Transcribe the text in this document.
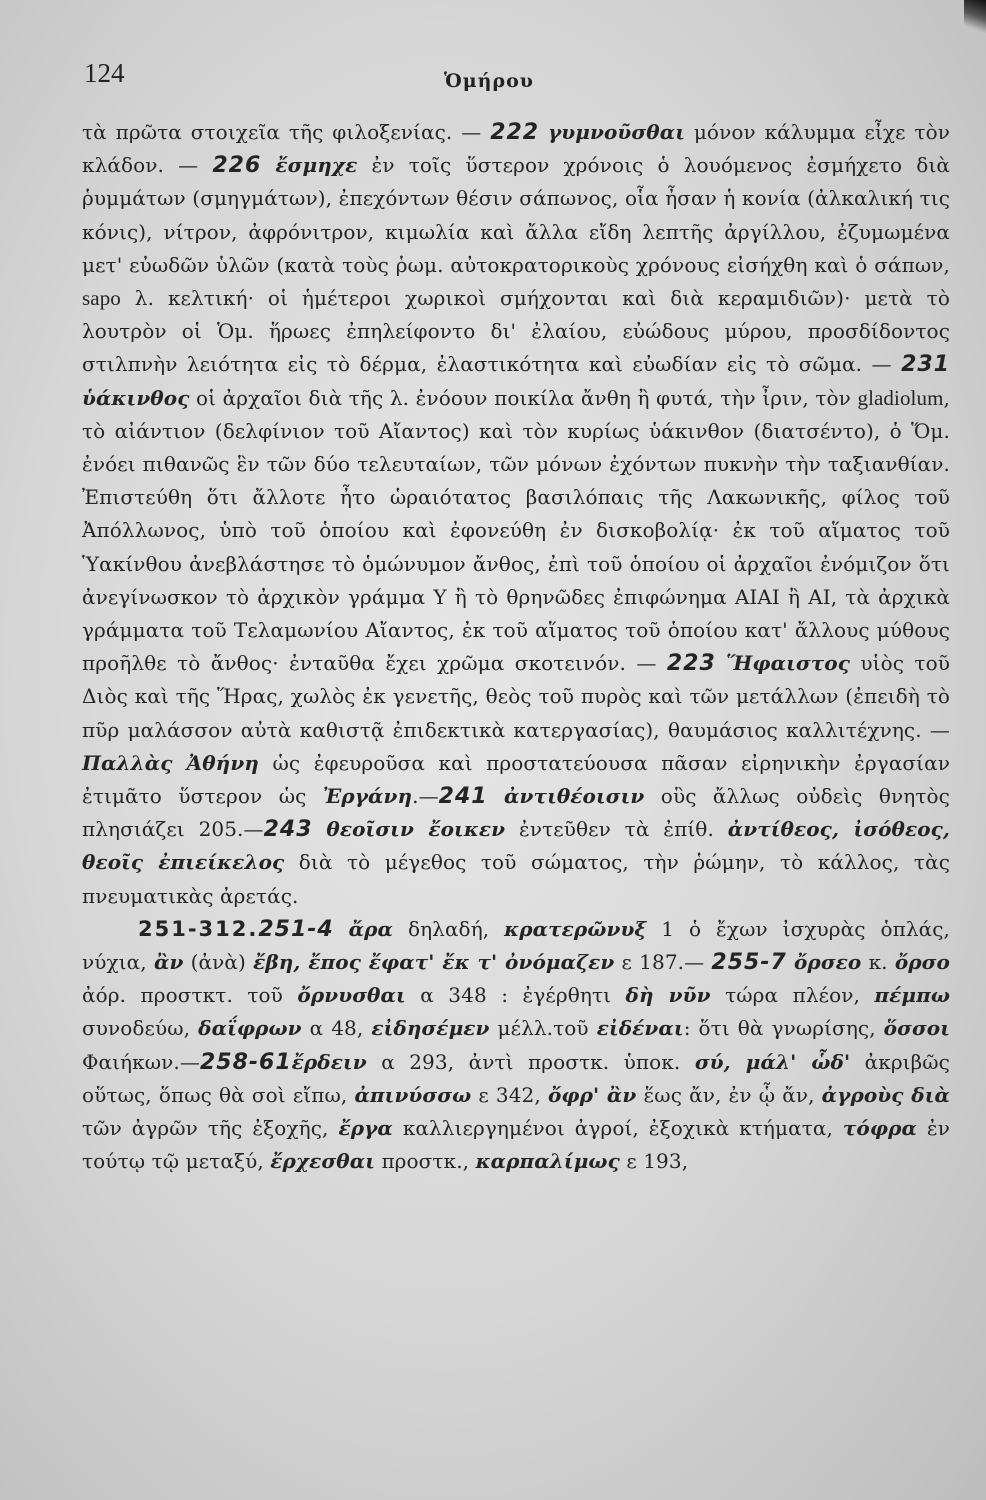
124	Ὁμήρου
τὰ πρῶτα στοιχεῖα τῆς φιλοξενίας. — 222 γυμνοῦσθαι μόνον κάλυμμα εἶχε τὸν κλάδον. — 226 ἔσμηχε ἐν τοῖς ὕστερον χρόνοις ὁ λουόμενος ἐσμήχετο διὰ ῥυμμάτων (σμηγμάτων), ἐπεχόντων θέσιν σάπωνος, οἷα ἦσαν ἡ κονία (ἀλκαλική τις κόνις), νίτρον, ἀφρόνιτρον, κιμωλία καὶ ἄλλα εἴδη λεπτῆς ἀργίλλου, ἐζυμωμένα μετ' εὐωδῶν ὑλῶν (κατὰ τοὺς ῥωμ. αὐτοκρατορικοὺς χρόνους εἰσήχθη καὶ ὁ σάπων, sapo λ. κελτική· οἱ ἡμέτεροι χωρικοὶ σμήχονται καὶ διὰ κεραμιδιῶν)· μετὰ τὸ λουτρὸν οἱ Ὁμ. ἥρωες ἐπηλείφοντο δι' ἐλαίου, εὐώδους μύρου, προσδίδοντος στιλπνὴν λειότητα εἰς τὸ δέρμα, ἐλαστικότητα καὶ εὐωδίαν εἰς τὸ σῶμα. — 231 ὑάκινθος οἱ ἀρχαῖοι διὰ τῆς λ. ἐνόουν ποικίλα ἄνθη ἢ φυτά, τὴν ἶριν, τὸν gladiolum, τὸ αἰάντιον (δελφίνιον τοῦ Αἴαντος) καὶ τὸν κυρίως ὑάκινθον (διατσέντο), ὁ Ὅμ. ἐνόει πιθανῶς ἓν τῶν δύο τελευταίων, τῶν μόνων ἐχόντων πυκνὴν τὴν ταξιανθίαν. Ἐπιστεύθη ὅτι ἄλλοτε ἦτο ὡραιότατος βασιλόπαις τῆς Λακωνικῆς, φίλος τοῦ Ἀπόλλωνος, ὑπὸ τοῦ ὁποίου καὶ ἐφονεύθη ἐν δισκοβολίᾳ· ἐκ τοῦ αἵματος τοῦ Ὑακίνθου ἀνεβλάστησε τὸ ὁμώνυμον ἄνθος, ἐπὶ τοῦ ὁποίου οἱ ἀρχαῖοι ἐνόμιζον ὅτι ἀνεγίνωσκον τὸ ἀρχικὸν γράμμα Υ ἢ τὸ θρηνῶδες ἐπιφώνημα ΑΙΑΙ ἢ ΑΙ, τὰ ἀρχικὰ γράμματα τοῦ Τελαμωνίου Αἴαντος, ἐκ τοῦ αἵματος τοῦ ὁποίου κατ' ἄλλους μύθους προῆλθε τὸ ἄνθος· ἐνταῦθα ἔχει χρῶμα σκοτεινόν. — 223 Ἥφαιστος υἱὸς τοῦ Διὸς καὶ τῆς Ἥρας, χωλὸς ἐκ γενετῆς, θεὸς τοῦ πυρὸς καὶ τῶν μετάλλων (ἐπειδὴ τὸ πῦρ μαλάσσον αὐτὰ καθιστᾷ ἐπιδεκτικὰ κατεργασίας), θαυμάσιος καλλιτέχνης. — Παλλὰς Ἀθήνη ὡς ἐφευροῦσα καὶ προστατεύουσα πᾶσαν εἰρηνικὴν ἐργασίαν ἐτιμᾶτο ὕστερον ὡς Ἐργάνη.—241 ἀντιθέοισιν οὓς ἄλλως οὐδεὶς θνητὸς πλησιάζει 205.—243 θεοῖσιν ἔοικεν ἐντεῦθεν τὰ ἐπίθ. ἀντίθεος, ἰσόθεος, θεοῖς ἐπιείκελος διὰ τὸ μέγεθος τοῦ σώματος, τὴν ῥώμην, τὸ κάλλος, τὰς πνευματικὰς ἀρετάς.
251-312.251-4 ἄρα δηλαδή, κρατερῶνυξ 1 ὁ ἔχων ἰσχυρὰς ὁπλάς, νύχια, ἂν (ἀνὰ) ἔβη, ἔπος ἔφατ' ἔκ τ' ὀνόμαζεν ε 187.— 255-7 ὄρσεο κ. ὄρσο ἀόρ. προστκτ. τοῦ ὄρνυσθαι α 348 : ἐγέρθητι δὴ νῦν τώρα πλέον, πέμπω συνοδεύω, δαΐφρων α 48, εἰδησέμεν μέλλ.τοῦ εἰδέναι: ὅτι θὰ γνωρίσης, ὅσσοι Φαιήκων.—258-61ἔρδειν α 293, ἀντὶ προστκ. ὑποκ. σύ, μάλ' ὧδ' ἀκριβῶς οὕτως, ὅπως θὰ σοὶ εἴπω, ἀπινύσσω ε 342, ὄφρ' ἂν ἕως ἄν, ἐν ᾧ ἄν, ἀγροὺς διὰ τῶν ἀγρῶν τῆς ἐξοχῆς, ἔργα καλλιεργημένοι ἀγροί, ἐξοχικὰ κτήματα, τόφρα ἐν τούτῳ τῷ μεταξύ, ἔρχεσθαι προστκ., καρπαλίμως ε 193,
